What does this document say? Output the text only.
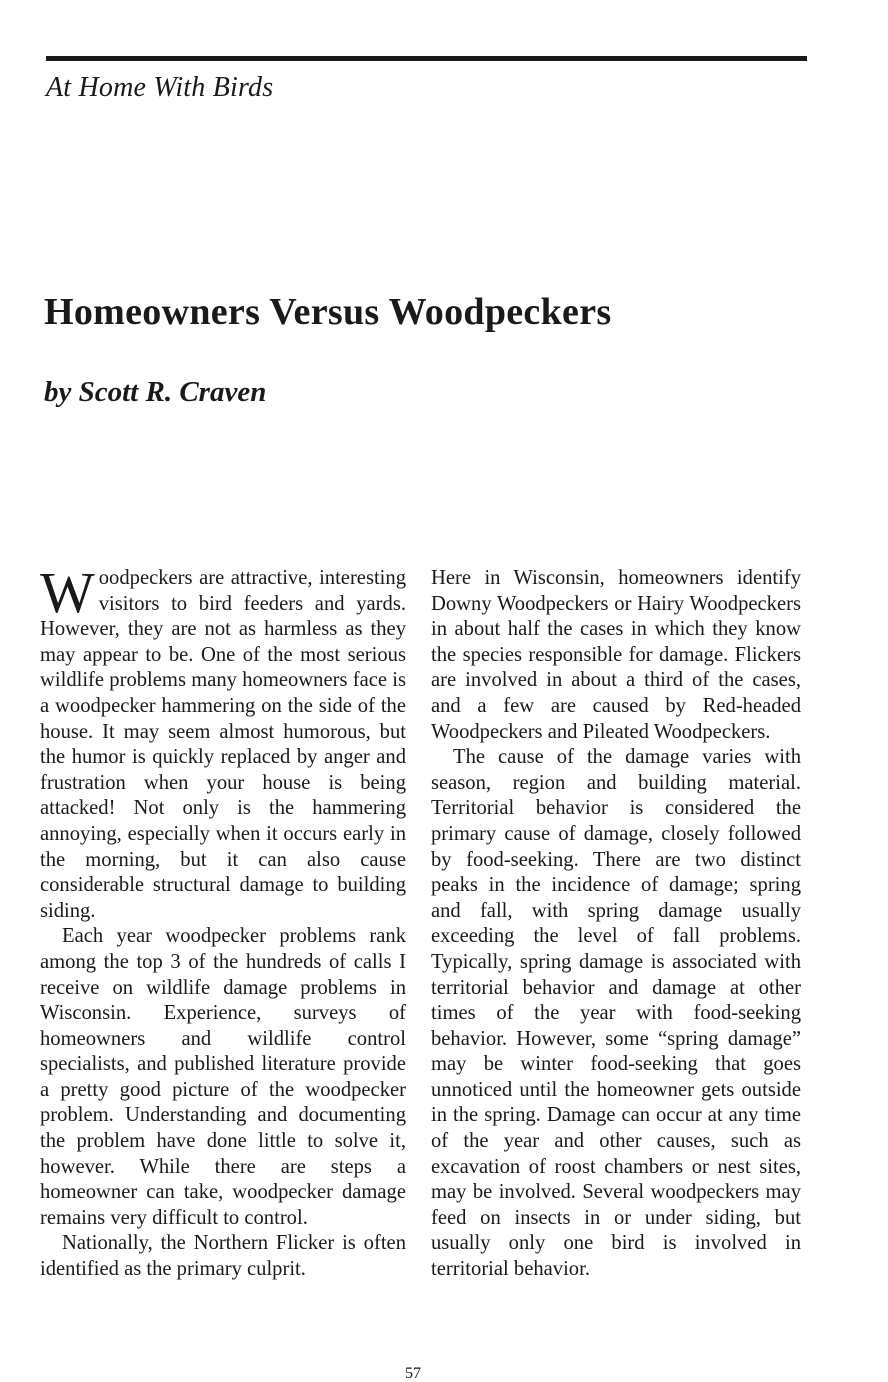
At Home With Birds
Homeowners Versus Woodpeckers
by Scott R. Craven

Woodpeckers are attractive, interesting visitors to bird feeders and yards. However, they are not as harmless as they may appear to be. One of the most serious wildlife problems many homeowners face is a woodpecker hammering on the side of the house. It may seem almost humorous, but the humor is quickly replaced by anger and frustration when your house is being attacked! Not only is the hammering annoying, especially when it occurs early in the morning, but it can also cause considerable structural damage to building siding.

Each year woodpecker problems rank among the top 3 of the hundreds of calls I receive on wildlife damage problems in Wisconsin. Experience, surveys of homeowners and wildlife control specialists, and published literature provide a pretty good picture of the woodpecker problem. Understanding and documenting the problem have done little to solve it, however. While there are steps a homeowner can take, woodpecker damage remains very difficult to control.

Nationally, the Northern Flicker is often identified as the primary culprit.

Here in Wisconsin, homeowners identify Downy Woodpeckers or Hairy Woodpeckers in about half the cases in which they know the species responsible for damage. Flickers are involved in about a third of the cases, and a few are caused by Red-headed Woodpeckers and Pileated Woodpeckers.

The cause of the damage varies with season, region and building material. Territorial behavior is considered the primary cause of damage, closely followed by food-seeking. There are two distinct peaks in the incidence of damage; spring and fall, with spring damage usually exceeding the level of fall problems. Typically, spring damage is associated with territorial behavior and damage at other times of the year with food-seeking behavior. However, some “spring damage” may be winter food-seeking that goes unnoticed until the homeowner gets outside in the spring. Damage can occur at any time of the year and other causes, such as excavation of roost chambers or nest sites, may be involved. Several woodpeckers may feed on insects in or under siding, but usually only one bird is involved in territorial behavior.

57
